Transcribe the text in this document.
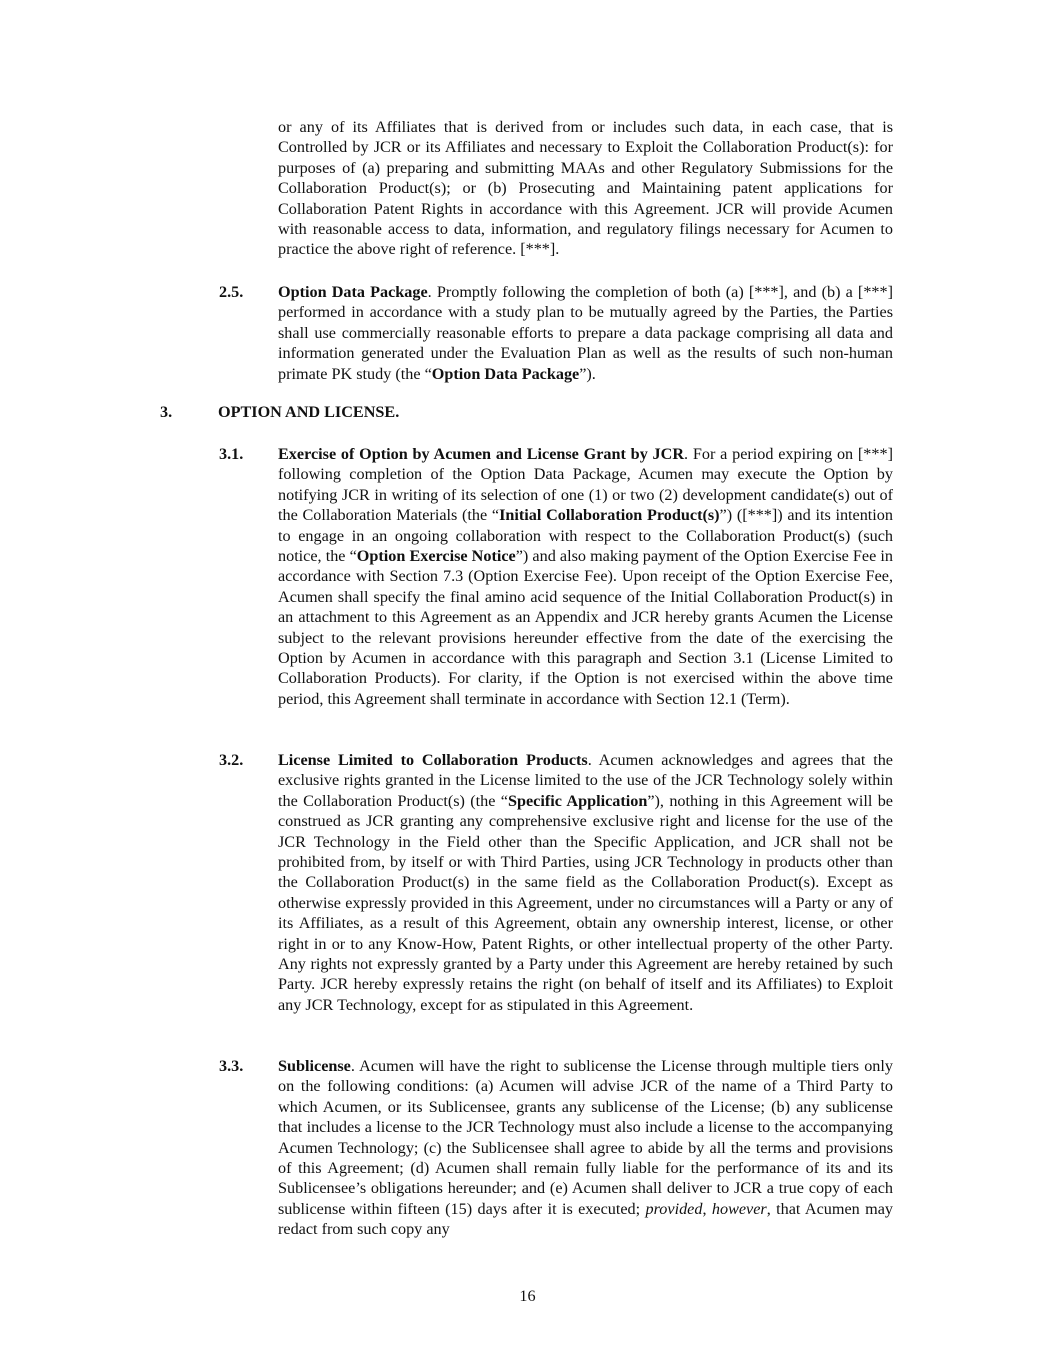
or any of its Affiliates that is derived from or includes such data, in each case, that is Controlled by JCR or its Affiliates and necessary to Exploit the Collaboration Product(s): for purposes of (a) preparing and submitting MAAs and other Regulatory Submissions for the Collaboration Product(s); or (b) Prosecuting and Maintaining patent applications for Collaboration Patent Rights in accordance with this Agreement. JCR will provide Acumen with reasonable access to data, information, and regulatory filings necessary for Acumen to practice the above right of reference. [***].

2.5. Option Data Package. Promptly following the completion of both (a) [***], and (b) a [***] performed in accordance with a study plan to be mutually agreed by the Parties, the Parties shall use commercially reasonable efforts to prepare a data package comprising all data and information generated under the Evaluation Plan as well as the results of such non-human primate PK study (the “Option Data Package”).

3.	OPTION AND LICENSE.
3.1. Exercise of Option by Acumen and License Grant by JCR. For a period expiring on [***] following completion of the Option Data Package, Acumen may execute the Option by notifying JCR in writing of its selection of one (1) or two (2) development candidate(s) out of the Collaboration Materials (the “Initial Collaboration Product(s)”) ([***]) and its intention to engage in an ongoing collaboration with respect to the Collaboration Product(s) (such notice, the “Option Exercise Notice”) and also making payment of the Option Exercise Fee in accordance with Section 7.3 (Option Exercise Fee). Upon receipt of the Option Exercise Fee, Acumen shall specify the final amino acid sequence of the Initial Collaboration Product(s) in an attachment to this Agreement as an Appendix and JCR hereby grants Acumen the License subject to the relevant provisions hereunder effective from the date of the exercising the Option by Acumen in accordance with this paragraph and Section 3.1 (License Limited to Collaboration Products). For clarity, if the Option is not exercised within the above time period, this Agreement shall terminate in accordance with Section 12.1 (Term).

3.2. License Limited to Collaboration Products. Acumen acknowledges and agrees that the exclusive rights granted in the License limited to the use of the JCR Technology solely within the Collaboration Product(s) (the “Specific Application”), nothing in this Agreement will be construed as JCR granting any comprehensive exclusive right and license for the use of the JCR Technology in the Field other than the Specific Application, and JCR shall not be prohibited from, by itself or with Third Parties, using JCR Technology in products other than the Collaboration Product(s) in the same field as the Collaboration Product(s). Except as otherwise expressly provided in this Agreement, under no circumstances will a Party or any of its Affiliates, as a result of this Agreement, obtain any ownership interest, license, or other right in or to any Know-How, Patent Rights, or other intellectual property of the other Party. Any rights not expressly granted by a Party under this Agreement are hereby retained by such Party. JCR hereby expressly retains the right (on behalf of itself and its Affiliates) to Exploit any JCR Technology, except for as stipulated in this Agreement.

3.3. Sublicense. Acumen will have the right to sublicense the License through multiple tiers only on the following conditions: (a) Acumen will advise JCR of the name of a Third Party to which Acumen, or its Sublicensee, grants any sublicense of the License; (b) any sublicense that includes a license to the JCR Technology must also include a license to the accompanying Acumen Technology; (c) the Sublicensee shall agree to abide by all the terms and provisions of this Agreement; (d) Acumen shall remain fully liable for the performance of its and its Sublicensee’s obligations hereunder; and (e) Acumen shall deliver to JCR a true copy of each sublicense within fifteen (15) days after it is executed; provided, however, that Acumen may redact from such copy any

16
